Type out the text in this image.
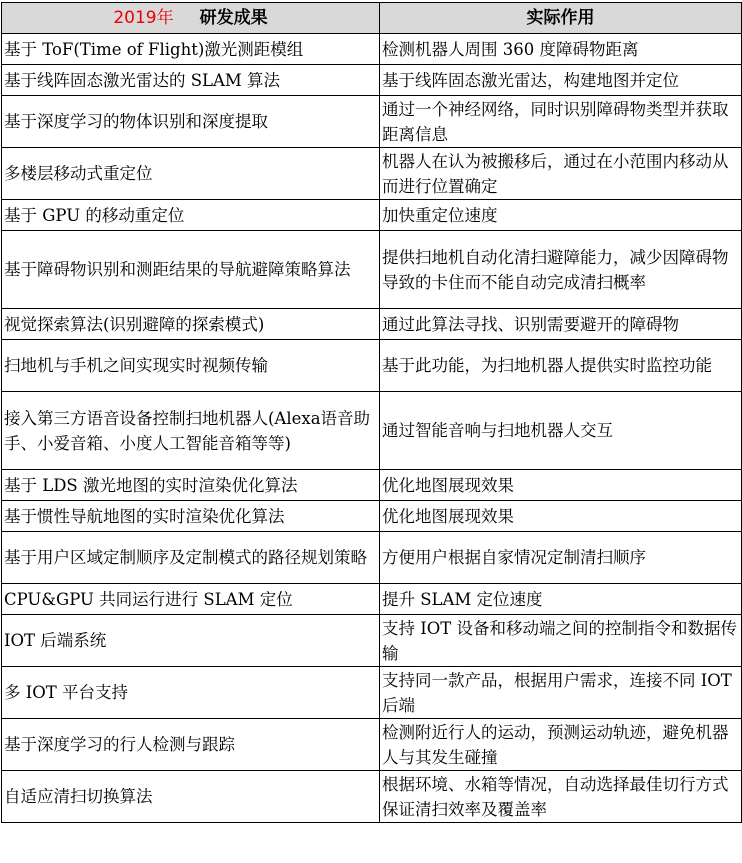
2019年 研发成果	实际作用
基于 ToF(Time of Flight)激光测距模组	检测机器人周围 360 度障碍物距离
基于线阵固态激光雷达的 SLAM 算法	基于线阵固态激光雷达，构建地图并定位
基于深度学习的物体识别和深度提取	通过一个神经网络，同时识别障碍物类型并获取距离信息
多楼层移动式重定位	机器人在认为被搬移后，通过在小范围内移动从而进行位置确定
基于 GPU 的移动重定位	加快重定位速度
基于障碍物识别和测距结果的导航避障策略算法	提供扫地机自动化清扫避障能力，减少因障碍物导致的卡住而不能自动完成清扫概率
视觉探索算法(识别避障的探索模式)	通过此算法寻找、识别需要避开的障碍物
扫地机与手机之间实现实时视频传输	基于此功能，为扫地机器人提供实时监控功能
接入第三方语音设备控制扫地机器人(Alexa语音助手、小爱音箱、小度人工智能音箱等等)	通过智能音响与扫地机器人交互
基于 LDS 激光地图的实时渲染优化算法	优化地图展现效果
基于惯性导航地图的实时渲染优化算法	优化地图展现效果
基于用户区域定制顺序及定制模式的路径规划策略	方便用户根据自家情况定制清扫顺序
CPU&GPU 共同运行进行 SLAM 定位	提升 SLAM 定位速度
IOT 后端系统	支持 IOT 设备和移动端之间的控制指令和数据传输
多 IOT 平台支持	支持同一款产品，根据用户需求，连接不同 IOT 后端
基于深度学习的行人检测与跟踪	检测附近行人的运动，预测运动轨迹，避免机器人与其发生碰撞
自适应清扫切换算法	根据环境、水箱等情况，自动选择最佳切行方式保证清扫效率及覆盖率
